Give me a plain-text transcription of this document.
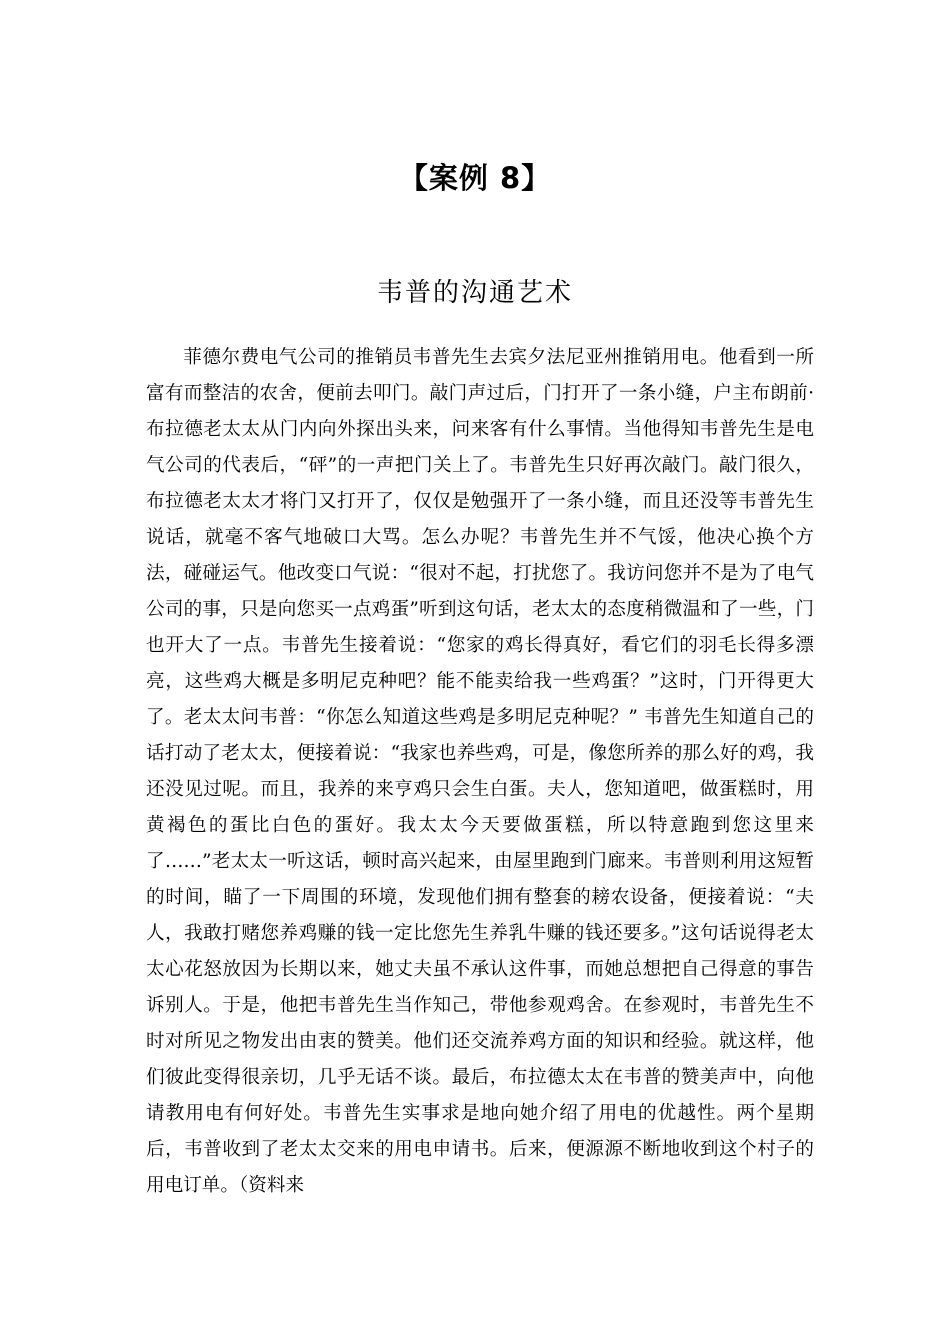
【案例 8】
韦普的沟通艺术

菲德尔费电气公司的推销员韦普先生去宾夕法尼亚州推销用电。他看到一所富有而整洁的农舍，便前去叩门。敲门声过后，门打开了一条小缝，户主布朗前·布拉德老太太从门内向外探出头来，问来客有什么事情。当他得知韦普先生是电气公司的代表后，“砰”的一声把门关上了。韦普先生只好再次敲门。敲门很久，布拉德老太太才将门又打开了，仅仅是勉强开了一条小缝，而且还没等韦普先生说话，就毫不客气地破口大骂。怎么办呢？韦普先生并不气馁，他决心换个方法，碰碰运气。他改变口气说：“很对不起，打扰您了。我访问您并不是为了电气公司的事，只是向您买一点鸡蛋”听到这句话，老太太的态度稍微温和了一些，门也开大了一点。韦普先生接着说：“您家的鸡长得真好，看它们的羽毛长得多漂亮，这些鸡大概是多明尼克种吧？能不能卖给我一些鸡蛋？”这时，门开得更大了。老太太问韦普：“你怎么知道这些鸡是多明尼克种呢？” 韦普先生知道自己的话打动了老太太，便接着说：“我家也养些鸡，可是，像您所养的那么好的鸡，我还没见过呢。而且，我养的来亨鸡只会生白蛋。夫人，您知道吧，做蛋糕时，用黄褐色的蛋比白色的蛋好。我太太今天要做蛋糕，所以特意跑到您这里来了……”老太太一听这话，顿时高兴起来，由屋里跑到门廊来。韦普则利用这短暂的时间，瞄了一下周围的环境，发现他们拥有整套的耪农设备，便接着说：“夫人，我敢打赌您养鸡赚的钱一定比您先生养乳牛赚的钱还要多。”这句话说得老太太心花怒放因为长期以来，她丈夫虽不承认这件事，而她总想把自己得意的事告诉别人。于是，他把韦普先生当作知己，带他参观鸡舍。在参观时，韦普先生不时对所见之物发出由衷的赞美。他们还交流养鸡方面的知识和经验。就这样，他们彼此变得很亲切，几乎无话不谈。最后，布拉德太太在韦普的赞美声中，向他请教用电有何好处。韦普先生实事求是地向她介绍了用电的优越性。两个星期后，韦普收到了老太太交来的用电申请书。后来，便源源不断地收到这个村子的用电订单。（资料来
